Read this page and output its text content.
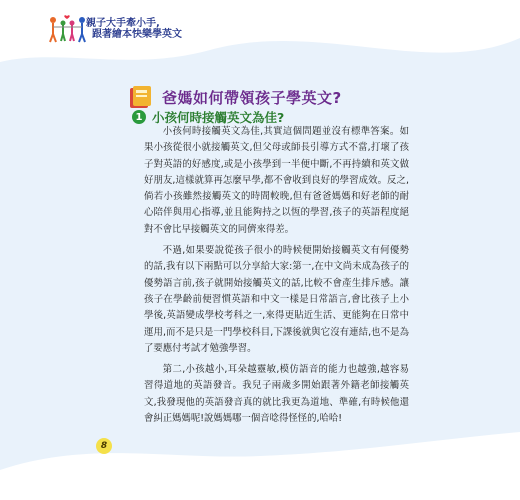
親子大手牽小手,
跟著繪本快樂學英文
爸媽如何帶領孩子學英文?
1 小孩何時接觸英文為佳?

小孩何時接觸英文為佳,其實這個問題並沒有標準答案。如果小孩從很小就接觸英文,但父母或師長引導方式不當,打壞了孩子對英語的好感度,或是小孩學到一半便中斷,不再持續和英文做好朋友,這樣就算再怎麼早學,都不會收到良好的學習成效。反之,倘若小孩雖然接觸英文的時間較晚,但有爸爸媽媽和好老師的耐心陪伴與用心指導,並且能夠持之以恆的學習,孩子的英語程度絕對不會比早接觸英文的同儕來得差。

不過,如果要說從孩子很小的時候便開始接觸英文有何優勢的話,我有以下兩點可以分享給大家:第一,在中文尚未成為孩子的優勢語言前,孩子就開始接觸英文的話,比較不會產生排斥感。讓孩子在學齡前便習慣英語和中文一樣是日常語言,會比孩子上小學後,英語變成學校考科之一,來得更貼近生活、更能夠在日常中運用,而不是只是一門學校科目,下課後就與它沒有連結,也不是為了要應付考試才勉強學習。

第二,小孩越小,耳朵越靈敏,模仿語音的能力也越強,越容易習得道地的英語發音。我兒子兩歲多開始跟著外籍老師接觸英文,我發現他的英語發音真的就比我更為道地、準確,有時候他還會糾正媽媽呢!說媽媽哪一個音唸得怪怪的,哈哈!

8
